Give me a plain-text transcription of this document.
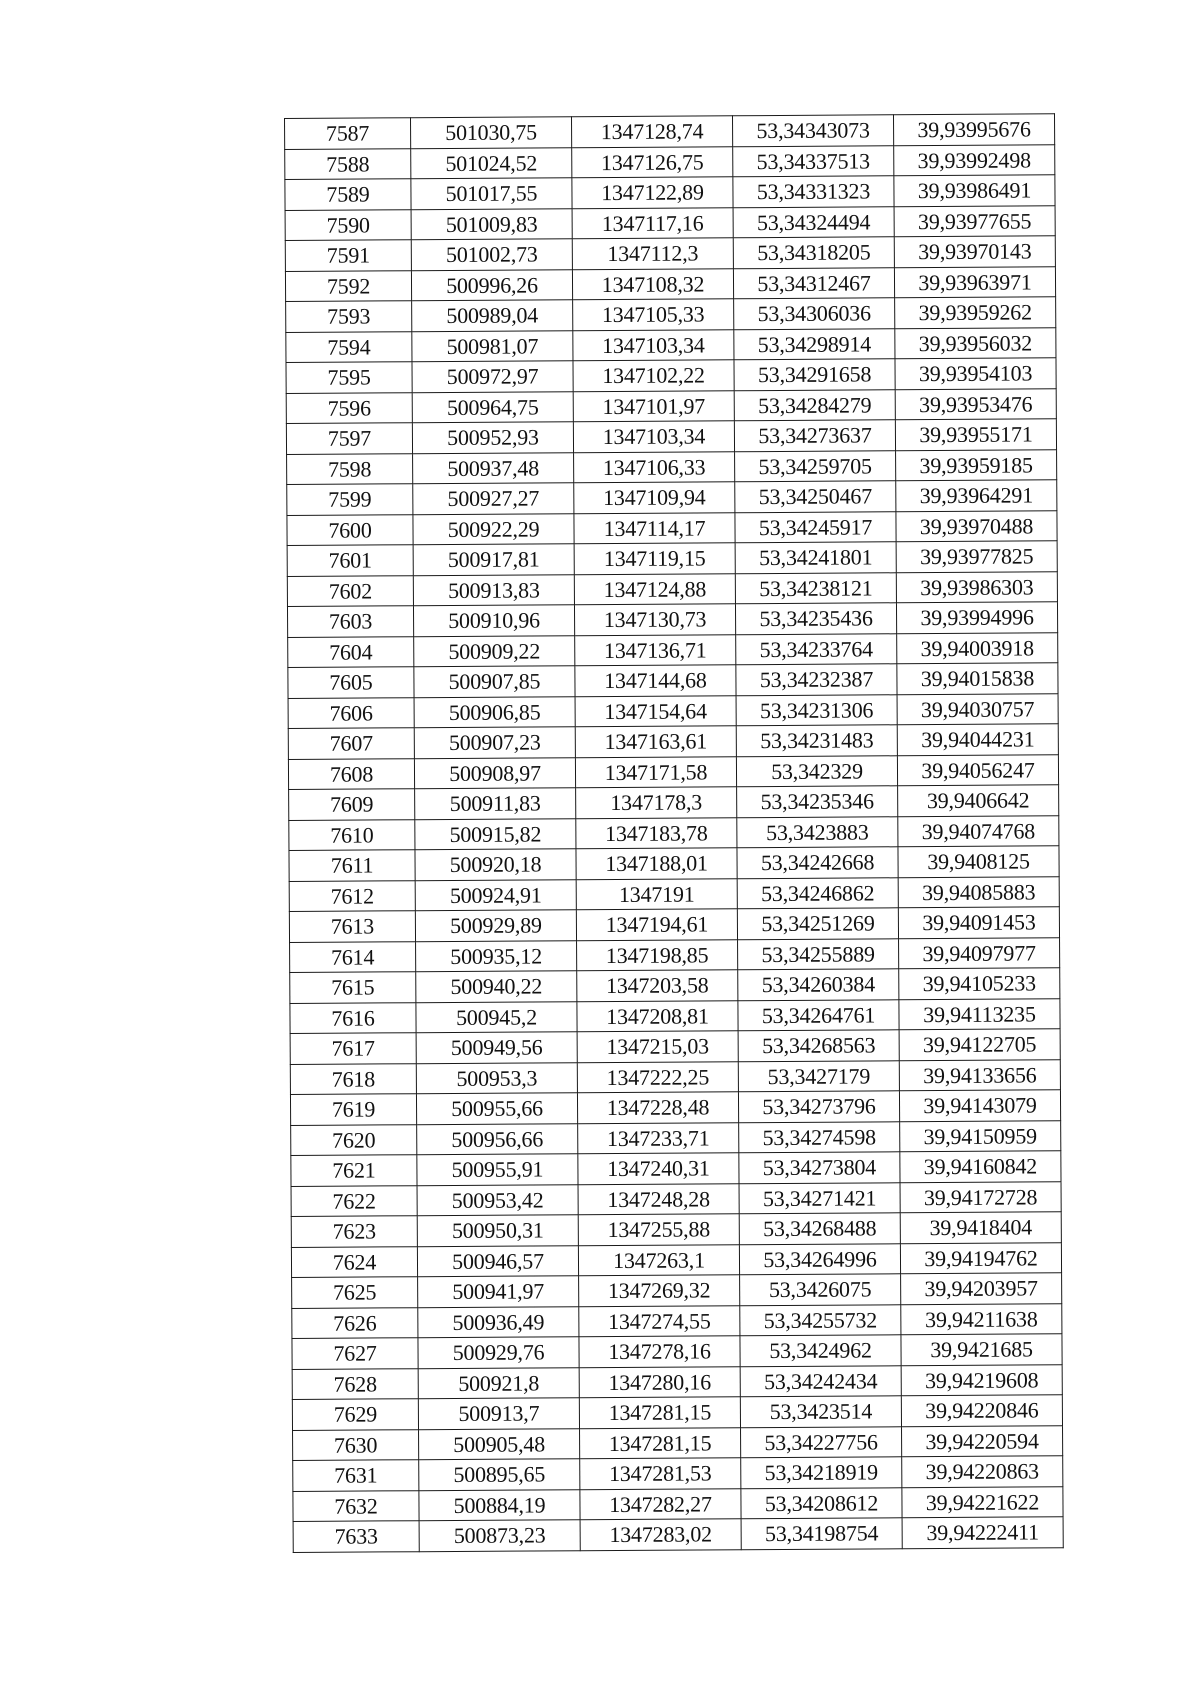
7587	501030,75	1347128,74	53,34343073	39,93995676
7588	501024,52	1347126,75	53,34337513	39,93992498
7589	501017,55	1347122,89	53,34331323	39,93986491
7590	501009,83	1347117,16	53,34324494	39,93977655
7591	501002,73	1347112,3	53,34318205	39,93970143
7592	500996,26	1347108,32	53,34312467	39,93963971
7593	500989,04	1347105,33	53,34306036	39,93959262
7594	500981,07	1347103,34	53,34298914	39,93956032
7595	500972,97	1347102,22	53,34291658	39,93954103
7596	500964,75	1347101,97	53,34284279	39,93953476
7597	500952,93	1347103,34	53,34273637	39,93955171
7598	500937,48	1347106,33	53,34259705	39,93959185
7599	500927,27	1347109,94	53,34250467	39,93964291
7600	500922,29	1347114,17	53,34245917	39,93970488
7601	500917,81	1347119,15	53,34241801	39,93977825
7602	500913,83	1347124,88	53,34238121	39,93986303
7603	500910,96	1347130,73	53,34235436	39,93994996
7604	500909,22	1347136,71	53,34233764	39,94003918
7605	500907,85	1347144,68	53,34232387	39,94015838
7606	500906,85	1347154,64	53,34231306	39,94030757
7607	500907,23	1347163,61	53,34231483	39,94044231
7608	500908,97	1347171,58	53,342329	39,94056247
7609	500911,83	1347178,3	53,34235346	39,9406642
7610	500915,82	1347183,78	53,3423883	39,94074768
7611	500920,18	1347188,01	53,34242668	39,9408125
7612	500924,91	1347191	53,34246862	39,94085883
7613	500929,89	1347194,61	53,34251269	39,94091453
7614	500935,12	1347198,85	53,34255889	39,94097977
7615	500940,22	1347203,58	53,34260384	39,94105233
7616	500945,2	1347208,81	53,34264761	39,94113235
7617	500949,56	1347215,03	53,34268563	39,94122705
7618	500953,3	1347222,25	53,3427179	39,94133656
7619	500955,66	1347228,48	53,34273796	39,94143079
7620	500956,66	1347233,71	53,34274598	39,94150959
7621	500955,91	1347240,31	53,34273804	39,94160842
7622	500953,42	1347248,28	53,34271421	39,94172728
7623	500950,31	1347255,88	53,34268488	39,9418404
7624	500946,57	1347263,1	53,34264996	39,94194762
7625	500941,97	1347269,32	53,3426075	39,94203957
7626	500936,49	1347274,55	53,34255732	39,94211638
7627	500929,76	1347278,16	53,3424962	39,9421685
7628	500921,8	1347280,16	53,34242434	39,94219608
7629	500913,7	1347281,15	53,3423514	39,94220846
7630	500905,48	1347281,15	53,34227756	39,94220594
7631	500895,65	1347281,53	53,34218919	39,94220863
7632	500884,19	1347282,27	53,34208612	39,94221622
7633	500873,23	1347283,02	53,34198754	39,94222411
